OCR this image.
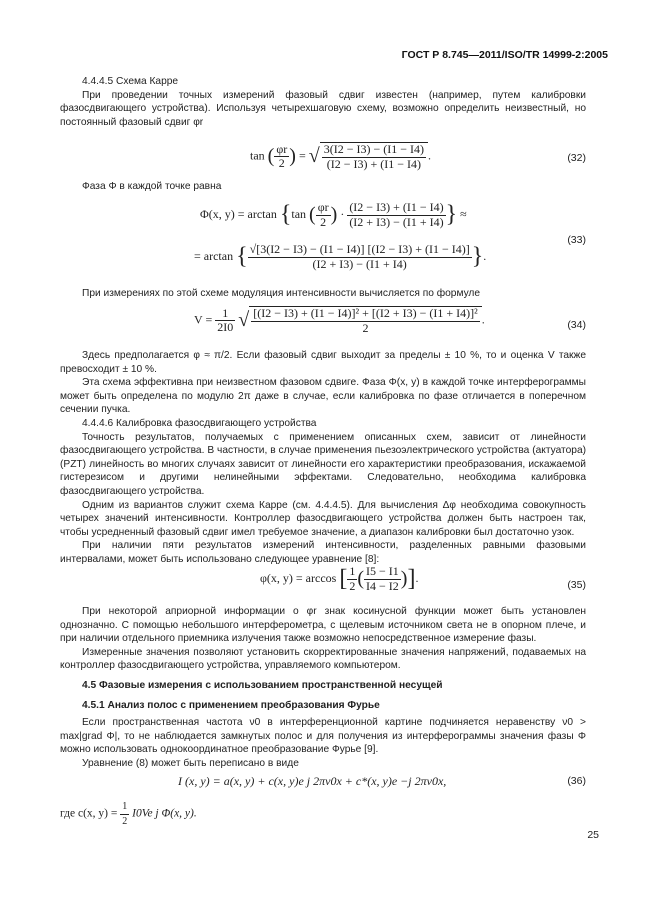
ГОСТ Р 8.745—2011/ISO/TR 14999-2:2005
4.4.4.5 Схема Карре

При проведении точных измерений фазовый сдвиг известен (например, путем калибровки фазосдвигающего устройства). Используя четырехшаговую схему, возможно определить неизвестный, но постоянный фазовый сдвиг φr

tan ( $\frac{\varphi r}{2}$ ) = √ $\frac{3(I2 - I3) - (I1 - I4)}{(I2 - I3) + (I1 - I4)}$ .	(32)

Фаза Φ в каждой точке равна

Φ(x, y) = arctan {tan ( $\frac{\varphi r}{2}$ ) · $\frac{(I2 - I3) + (I1 - I4)}{(I2 + I3) - (I1 + I4)}$ } ≈
= arctan { $\frac{√[3(I2 - I3) - (I1 - I4)] [(I2 - I3) + (I1 - I4)]}{(I2 + I3) - (I1 + I4)}$ }.
(33)

При измерениях по этой схеме модуляция интенсивности вычисляется по формуле

$V = \frac{1}{2I0}$ √ $\frac{\text{[(I2 − I3) + (I1 − I4)]² + [(I2 + I3) − (I1 + I4)]²}}{2}$ .	(34)

Здесь предполагается φ ≈ π/2. Если фазовый сдвиг выходит за пределы ± 10 %, то и оценка V также превосходит ± 10 %.

Эта схема эффективна при неизвестном фазовом сдвиге. Фаза Φ(x, y) в каждой точке интерферограммы может быть определена по модулю 2π даже в случае, если калибровка по фазе отличается в поперечном сечении пучка.

4.4.4.6 Калибровка фазосдвигающего устройства

Точность результатов, получаемых с применением описанных схем, зависит от линейности фазосдвигающего устройства. В частности, в случае применения пьезоэлектрического устройства (актуатора) (PZT) линейность во многих случаях зависит от линейности его характеристики преобразования, искажаемой гистерезисом и другими нелинейными эффектами. Следовательно, необходима калибровка фазосдвигающего устройства.

Одним из вариантов служит схема Карре (см. 4.4.4.5). Для вычисления Δφ необходима совокупность четырех значений интенсивности. Контроллер фазосдвигающего устройства должен быть настроен так, чтобы усредненный фазовый сдвиг имел требуемое значение, а диапазон калибровки был достаточно узок.

При наличии пяти результатов измерений интенсивности, разделенных равными фазовыми интервалами, может быть использовано следующее уравнение [8]:

φ(x, y) = arccos [ $\frac{1}{2}$ ( $\frac{I5 - I1}{I4 - I2}$ )].
(35)

При некоторой априорной информации о φr знак косинусной функции может быть установлен однозначно. С помощью небольшого интерферометра, с щелевым источником света не в опорном плече, и при наличии отдельного приемника излучения также возможно непосредственное измерение фазы.

Измеренные значения позволяют установить скорректированные значения напряжений, подаваемых на контроллер фазосдвигающего устройства, управляемого компьютером.

4.5 Фазовые измерения с использованием пространственной несущей
4.5.1 Анализ полос с применением преобразования Фурье

Если пространственная частота ν0 в интерференционной картине подчиняется неравенству ν0 > max|grad Φ|, то не наблюдается замкнутых полос и для получения из интерферограммы значения фазы Φ можно использовать однокоординатное преобразование Фурье [9].

Уравнение (8) может быть переписано в виде

I (x, y) = a(x, y) + c(x, y)e j 2πν0x + c*(x, y)e −j 2πν0x,	(36)
где c(x, $y) = \frac{1}{2} I0Ve$ j Φ(x, y).
25
